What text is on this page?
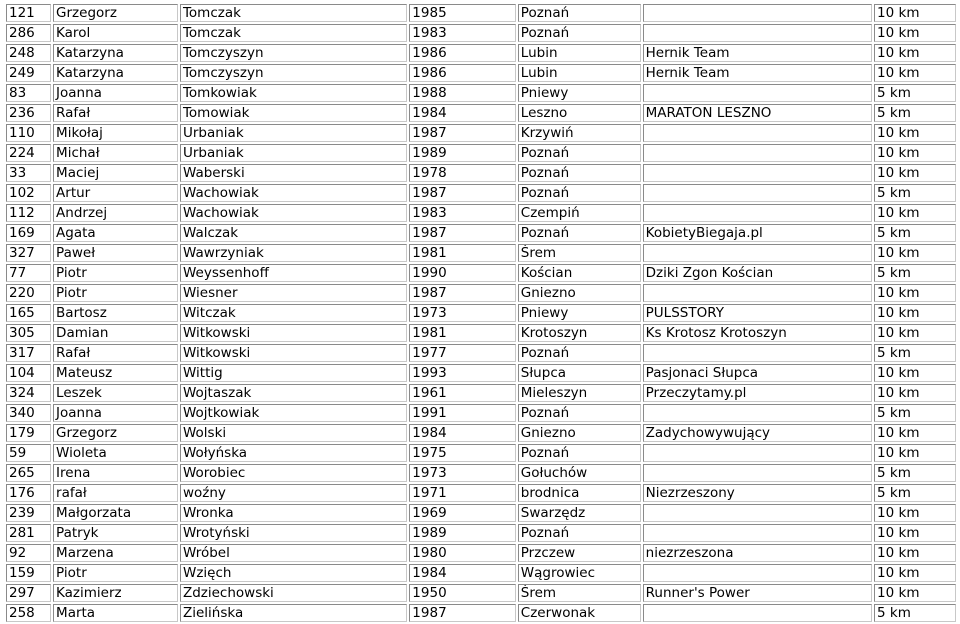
121	Grzegorz	Tomczak	1985	Poznań		10 km
286	Karol	Tomczak	1983	Poznań		10 km
248	Katarzyna	Tomczyszyn	1986	Lubin	Hernik Team	10 km
249	Katarzyna	Tomczyszyn	1986	Lubin	Hernik Team	10 km
83	Joanna	Tomkowiak	1988	Pniewy		5 km
236	Rafał	Tomowiak	1984	Leszno	MARATON LESZNO	5 km
110	Mikołaj	Urbaniak	1987	Krzywiń		10 km
224	Michał	Urbaniak	1989	Poznań		10 km
33	Maciej	Waberski	1978	Poznań		10 km
102	Artur	Wachowiak	1987	Poznań		5 km
112	Andrzej	Wachowiak	1983	Czempiń		10 km
169	Agata	Walczak	1987	Poznań	KobietyBiegaja.pl	5 km
327	Paweł	Wawrzyniak	1981	Śrem		10 km
77	Piotr	Weyssenhoff	1990	Kościan	Dziki Zgon Kościan	5 km
220	Piotr	Wiesner	1987	Gniezno		10 km
165	Bartosz	Witczak	1973	Pniewy	PULSSTORY	10 km
305	Damian	Witkowski	1981	Krotoszyn	Ks Krotosz Krotoszyn	10 km
317	Rafał	Witkowski	1977	Poznań		5 km
104	Mateusz	Wittig	1993	Słupca	Pasjonaci Słupca	10 km
324	Leszek	Wojtaszak	1961	Mieleszyn	Przeczytamy.pl	10 km
340	Joanna	Wojtkowiak	1991	Poznań		5 km
179	Grzegorz	Wolski	1984	Gniezno	Zadychowywujący	10 km
59	Wioleta	Wołyńska	1975	Poznań		10 km
265	Irena	Worobiec	1973	Gołuchów		5 km
176	rafał	woźny	1971	brodnica	Niezrzeszony	5 km
239	Małgorzata	Wronka	1969	Swarzędz		10 km
281	Patryk	Wrotyński	1989	Poznań		10 km
92	Marzena	Wróbel	1980	Przczew	niezrzeszona	10 km
159	Piotr	Wzięch	1984	Wągrowiec		10 km
297	Kazimierz	Zdziechowski	1950	Śrem	Runner's Power	10 km
258	Marta	Zielińska	1987	Czerwonak		5 km
